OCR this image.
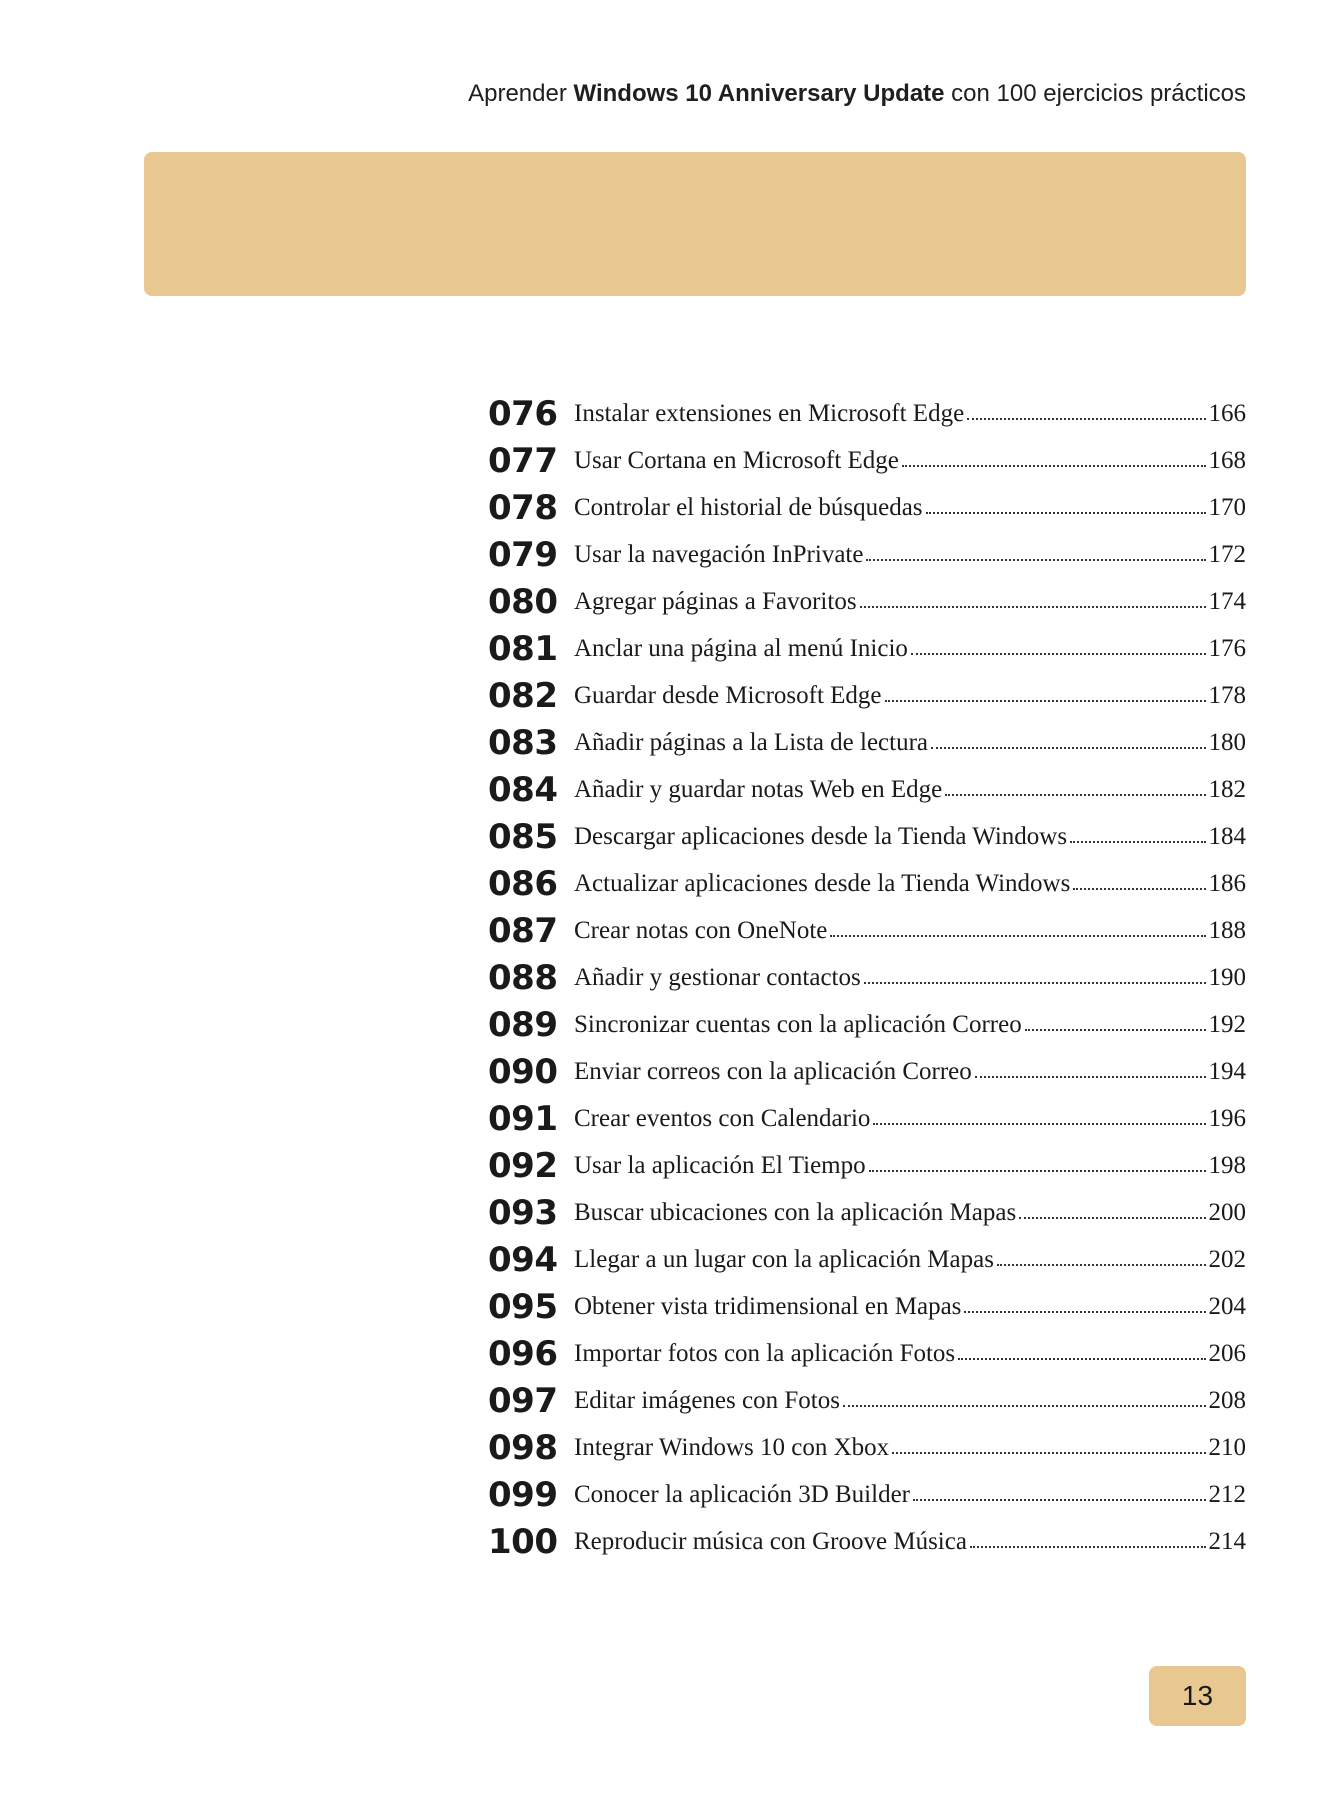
Aprender Windows 10 Anniversary Update con 100 ejercicios prácticos
076 Instalar extensiones en Microsoft Edge	166
077 Usar Cortana en Microsoft Edge	168
078 Controlar el historial de búsquedas	170
079 Usar la navegación InPrivate	172
080 Agregar páginas a Favoritos	174
081 Anclar una página al menú Inicio	176
082 Guardar desde Microsoft Edge	178
083 Añadir páginas a la Lista de lectura	180
084 Añadir y guardar notas Web en Edge	182
085 Descargar aplicaciones desde la Tienda Windows	184
086 Actualizar aplicaciones desde la Tienda Windows	186
087 Crear notas con OneNote	188
088 Añadir y gestionar contactos	190
089 Sincronizar cuentas con la aplicación Correo	192
090 Enviar correos con la aplicación Correo	194
091 Crear eventos con Calendario	196
092 Usar la aplicación El Tiempo	198
093 Buscar ubicaciones con la aplicación Mapas	200
094 Llegar a un lugar con la aplicación Mapas	202
095 Obtener vista tridimensional en Mapas	204
096 Importar fotos con la aplicación Fotos	206
097 Editar imágenes con Fotos	208
098 Integrar Windows 10 con Xbox	210
099 Conocer la aplicación 3D Builder	212
100 Reproducir música con Groove Música	214
13
